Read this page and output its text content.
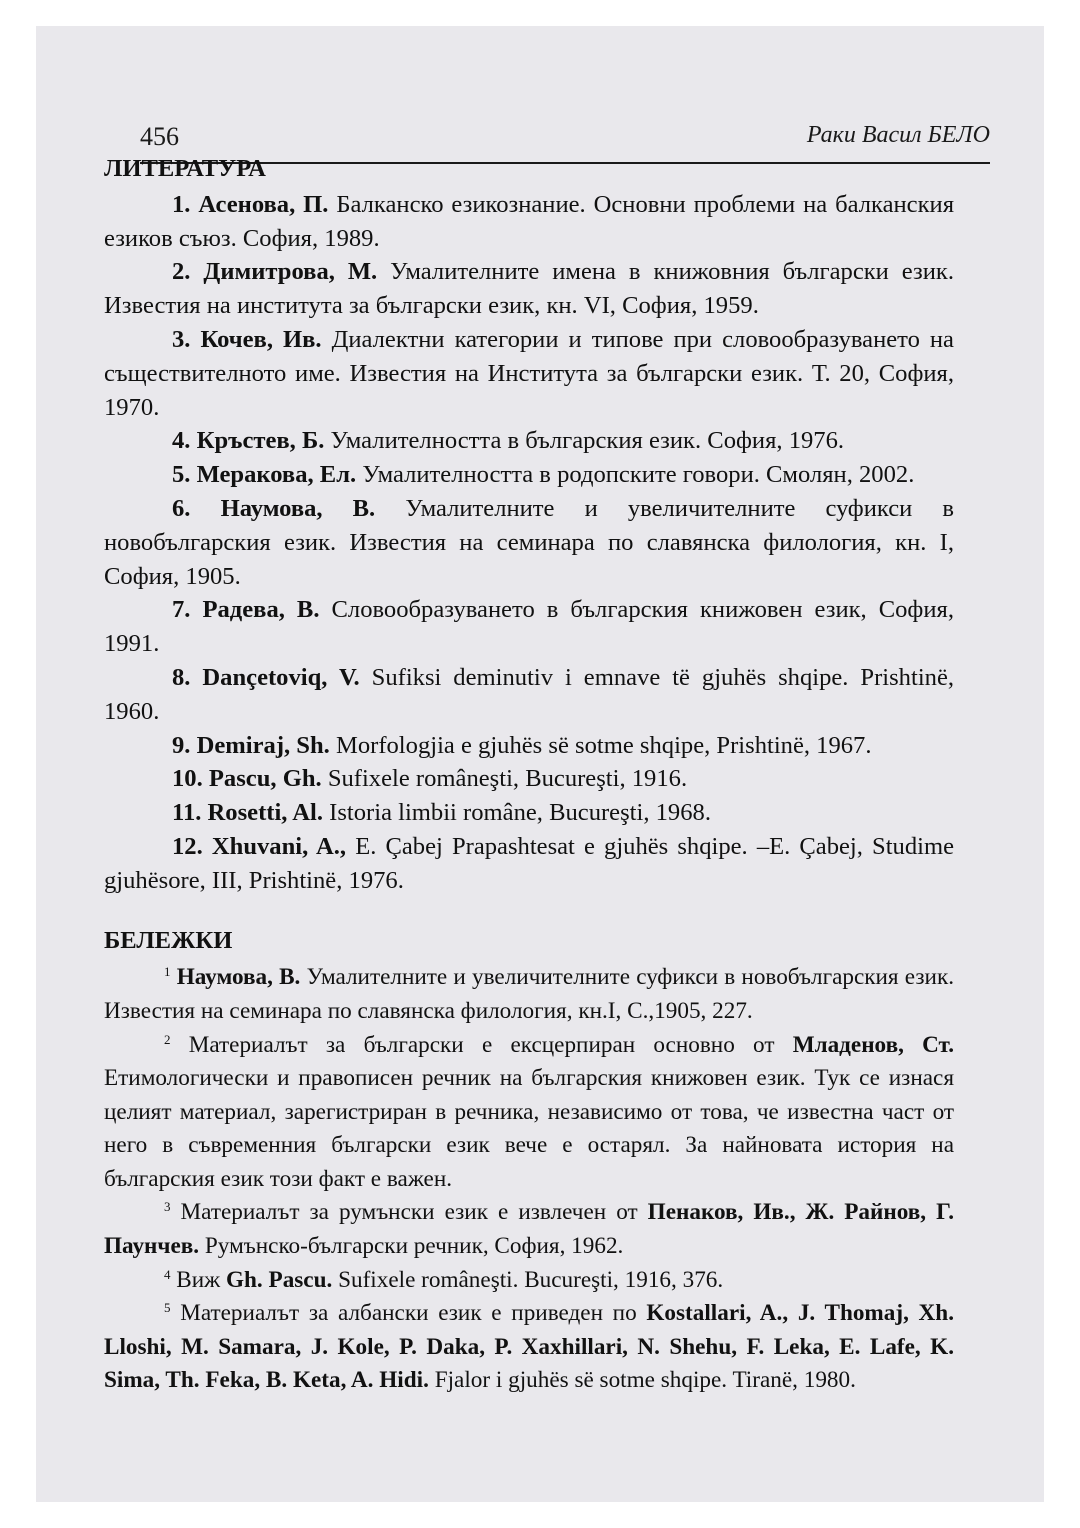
456	Раки Васил БЕЛО

ЛИТЕРАТУРА

1. Асенова, П. Балканско езикознание. Основни проблеми на балканския езиков съюз. София, 1989.

2. Димитрова, М. Умалителните имена в книжовния български език. Известия на института за български език, кн. VI, София, 1959.

3. Кочев, Ив. Диалектни категории и типове при словообразуването на съществителното име. Известия на Института за български език. Т. 20, София, 1970.

4. Кръстев, Б. Умалителността в българския език. София, 1976.

5. Меракова, Ел. Умалителността в родопските говори. Смолян, 2002.

6. Наумова, В. Умалителните и увеличителните суфикси в новобългарския език. Известия на семинара по славянска филология, кн. I, София, 1905.

7. Радева, В. Словообразуването в българския книжовен език, София, 1991.

8. Dançetoviq, V. Sufiksi deminutiv i emnave të gjuhës shqipe. Prishtinë, 1960.

9. Demiraj, Sh. Morfologjia e gjuhës së sotme shqipe, Prishtinë, 1967.

10. Pascu, Gh. Sufixele româneşti, Bucureşti, 1916.

11. Rosetti, Al. Istoria limbii române, Bucureşti, 1968.

12. Xhuvani, A., E. Çabej Prapashtesat e gjuhës shqipe. –E. Çabej, Studime gjuhësore, III, Prishtinë, 1976.

БЕЛЕЖКИ

$^1$ Наумова, В. Умалителните и увеличителните суфикси в новобългарския език. Известия на семинара по славянска филология, кн.I, С.,1905, 227.

$^2$ Материалът за български е ексцерпиран основно от Младенов, Ст. Етимологически и правописен речник на българския книжовен език. Тук се изнася целият материал, зарегистриран в речника, независимо от това, че известна част от него в съвременния български език вече е остарял. За найновата история на българския език този факт е важен.

$^3$ Материалът за румънски език е извлечен от Пенаков, Ив., Ж. Райнов, Г. Паунчев. Румънско-български речник, София, 1962.

$^4$ Виж Gh. Pascu. Sufixele româneşti. Bucureşti, 1916, 376.

$^5$ Материалът за албански език е приведен по Kostallari, A., J. Thomaj, Xh. Lloshi, M. Samara, J. Kole, P. Daka, P. Xaxhillari, N. Shehu, F. Leka, E. Lafe, K. Sima, Th. Feka, B. Keta, A. Hidi. Fjalor i gjuhës së sotme shqipe. Tiranë, 1980.
